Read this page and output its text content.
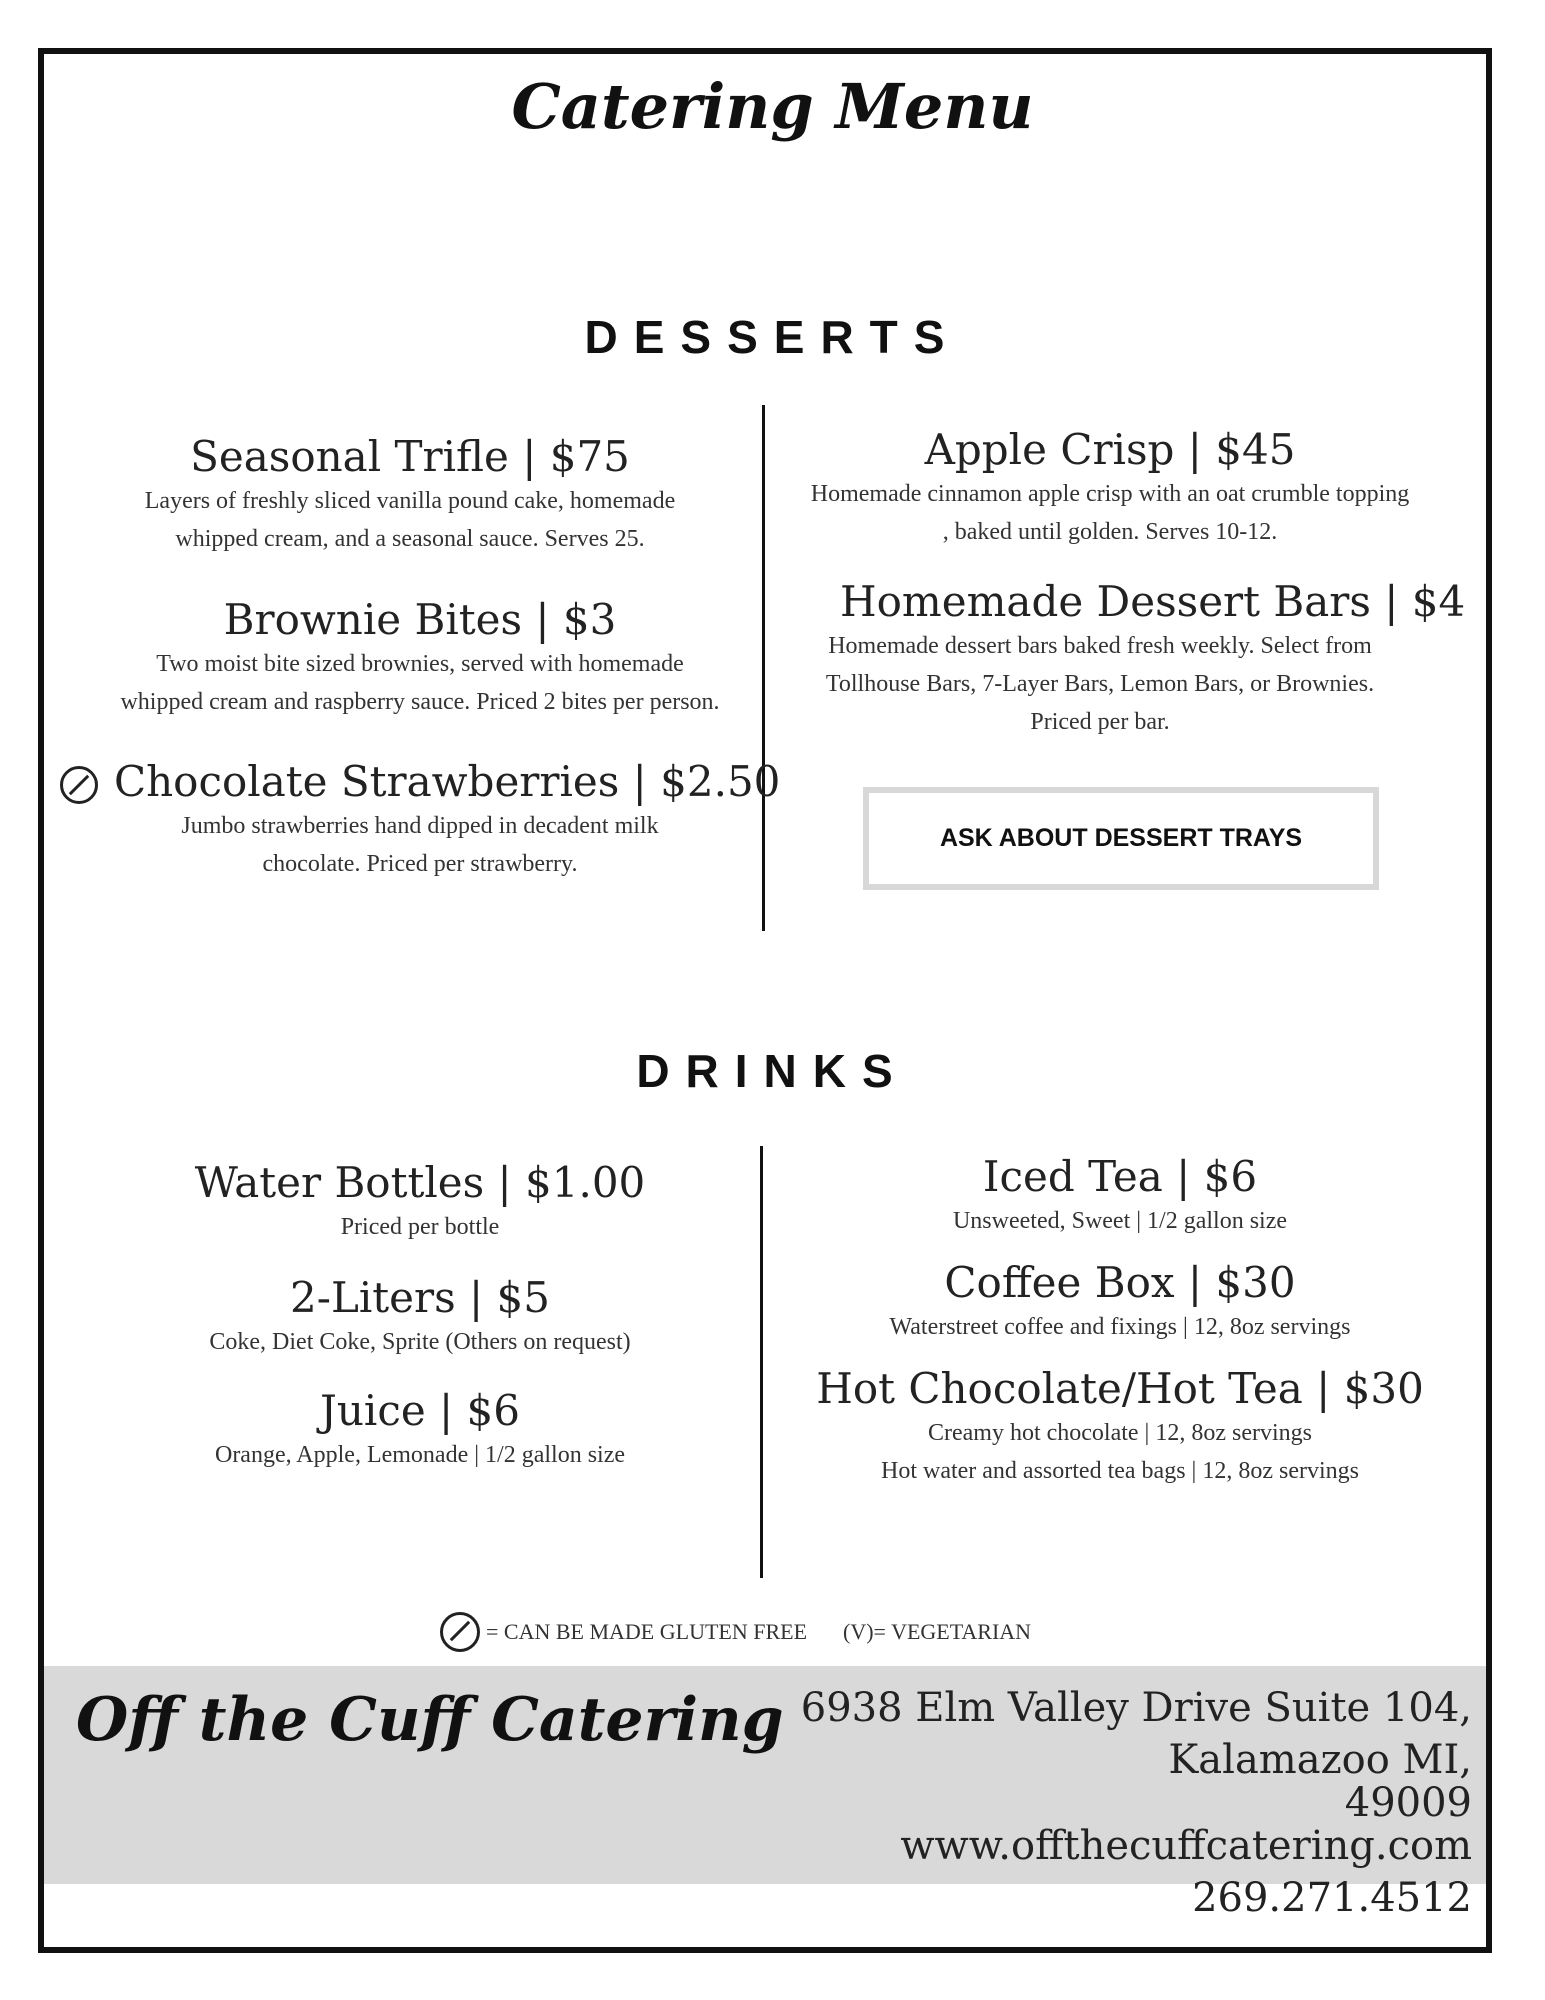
Catering Menu
DESSERTS
Seasonal Trifle | $75
Layers of freshly sliced vanilla pound cake, homemade
whipped cream, and a seasonal sauce. Serves 25.
Brownie Bites | $3
Two moist bite sized brownies, served with homemade
whipped cream and raspberry sauce. Priced 2 bites per person.
Chocolate Strawberries | $2.50
Jumbo strawberries hand dipped in decadent milk
chocolate. Priced per strawberry.
Apple Crisp | $45
Homemade cinnamon apple crisp with an oat crumble topping
, baked until golden. Serves 10-12.
Homemade Dessert Bars | $4
Homemade dessert bars baked fresh weekly. Select from
Tollhouse Bars, 7-Layer Bars, Lemon Bars, or Brownies.
Priced per bar.
ASK ABOUT DESSERT TRAYS
DRINKS
Water Bottles | $1.00
Priced per bottle
2-Liters | $5
Coke, Diet Coke, Sprite (Others on request)
Juice | $6
Orange, Apple, Lemonade | 1/2 gallon size
Iced Tea | $6
Unsweeted, Sweet | 1/2 gallon size
Coffee Box | $30
Waterstreet coffee and fixings | 12, 8oz servings
Hot Chocolate/Hot Tea | $30
Creamy hot chocolate | 12, 8oz servings
Hot water and assorted tea bags | 12, 8oz servings
= CAN BE MADE GLUTEN FREE (V)= VEGETARIAN
Off the Cuff Catering 6938 Elm Valley Drive Suite 104, Kalamazoo MI,
49009
www.offthecuffcatering.com
269.271.4512
